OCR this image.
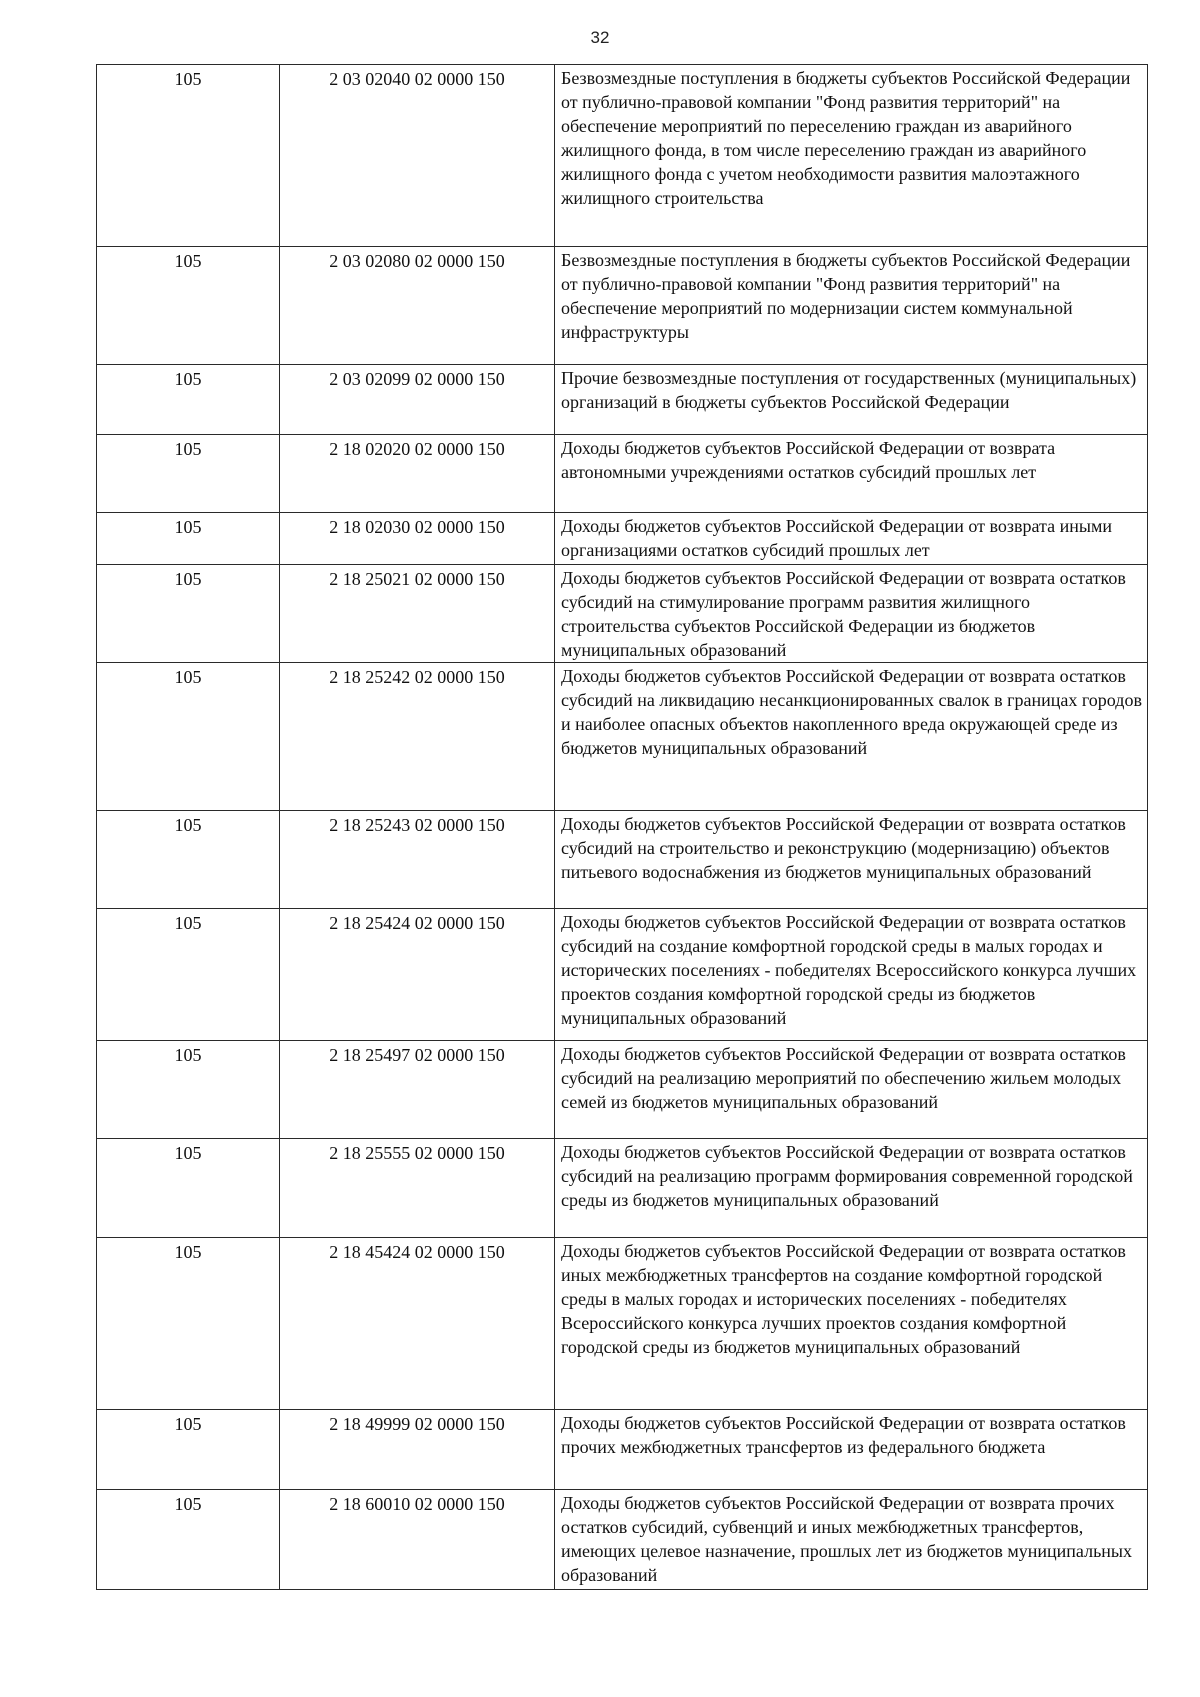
32
105	2 03 02040 02 0000 150	Безвозмездные поступления в бюджеты субъектов Российской Федерации от публично-правовой компании "Фонд развития территорий" на обеспечение мероприятий по переселению граждан из аварийного жилищного фонда, в том числе переселению граждан из аварийного жилищного фонда с учетом необходимости развития малоэтажного жилищного строительства
105	2 03 02080 02 0000 150	Безвозмездные поступления в бюджеты субъектов Российской Федерации от публично-правовой компании "Фонд развития территорий" на обеспечение мероприятий по модернизации систем коммунальной инфраструктуры
105	2 03 02099 02 0000 150	Прочие безвозмездные поступления от государственных (муниципальных) организаций в бюджеты субъектов Российской Федерации
105	2 18 02020 02 0000 150	Доходы бюджетов субъектов Российской Федерации от возврата автономными учреждениями остатков субсидий прошлых лет
105	2 18 02030 02 0000 150	Доходы бюджетов субъектов Российской Федерации от возврата иными организациями остатков субсидий прошлых лет
105	2 18 25021 02 0000 150	Доходы бюджетов субъектов Российской Федерации от возврата остатков субсидий на стимулирование программ развития жилищного строительства субъектов Российской Федерации из бюджетов муниципальных образований
105	2 18 25242 02 0000 150	Доходы бюджетов субъектов Российской Федерации от возврата остатков субсидий на ликвидацию несанкционированных свалок в границах городов и наиболее опасных объектов накопленного вреда окружающей среде из бюджетов муниципальных образований
105	2 18 25243 02 0000 150	Доходы бюджетов субъектов Российской Федерации от возврата остатков субсидий на строительство и реконструкцию (модернизацию) объектов питьевого водоснабжения из бюджетов муниципальных образований
105	2 18 25424 02 0000 150	Доходы бюджетов субъектов Российской Федерации от возврата остатков субсидий на создание комфортной городской среды в малых городах и исторических поселениях - победителях Всероссийского конкурса лучших проектов создания комфортной городской среды из бюджетов муниципальных образований
105	2 18 25497 02 0000 150	Доходы бюджетов субъектов Российской Федерации от возврата остатков субсидий на реализацию мероприятий по обеспечению жильем молодых семей из бюджетов муниципальных образований
105	2 18 25555 02 0000 150	Доходы бюджетов субъектов Российской Федерации от возврата остатков субсидий на реализацию программ формирования современной городской среды из бюджетов муниципальных образований
105	2 18 45424 02 0000 150	Доходы бюджетов субъектов Российской Федерации от возврата остатков иных межбюджетных трансфертов на создание комфортной городской среды в малых городах и исторических поселениях - победителях Всероссийского конкурса лучших проектов создания комфортной городской среды из бюджетов муниципальных образований
105	2 18 49999 02 0000 150	Доходы бюджетов субъектов Российской Федерации от возврата остатков прочих межбюджетных трансфертов из федерального бюджета
105	2 18 60010 02 0000 150	Доходы бюджетов субъектов Российской Федерации от возврата прочих остатков субсидий, субвенций и иных межбюджетных трансфертов, имеющих целевое назначение, прошлых лет из бюджетов муниципальных образований
